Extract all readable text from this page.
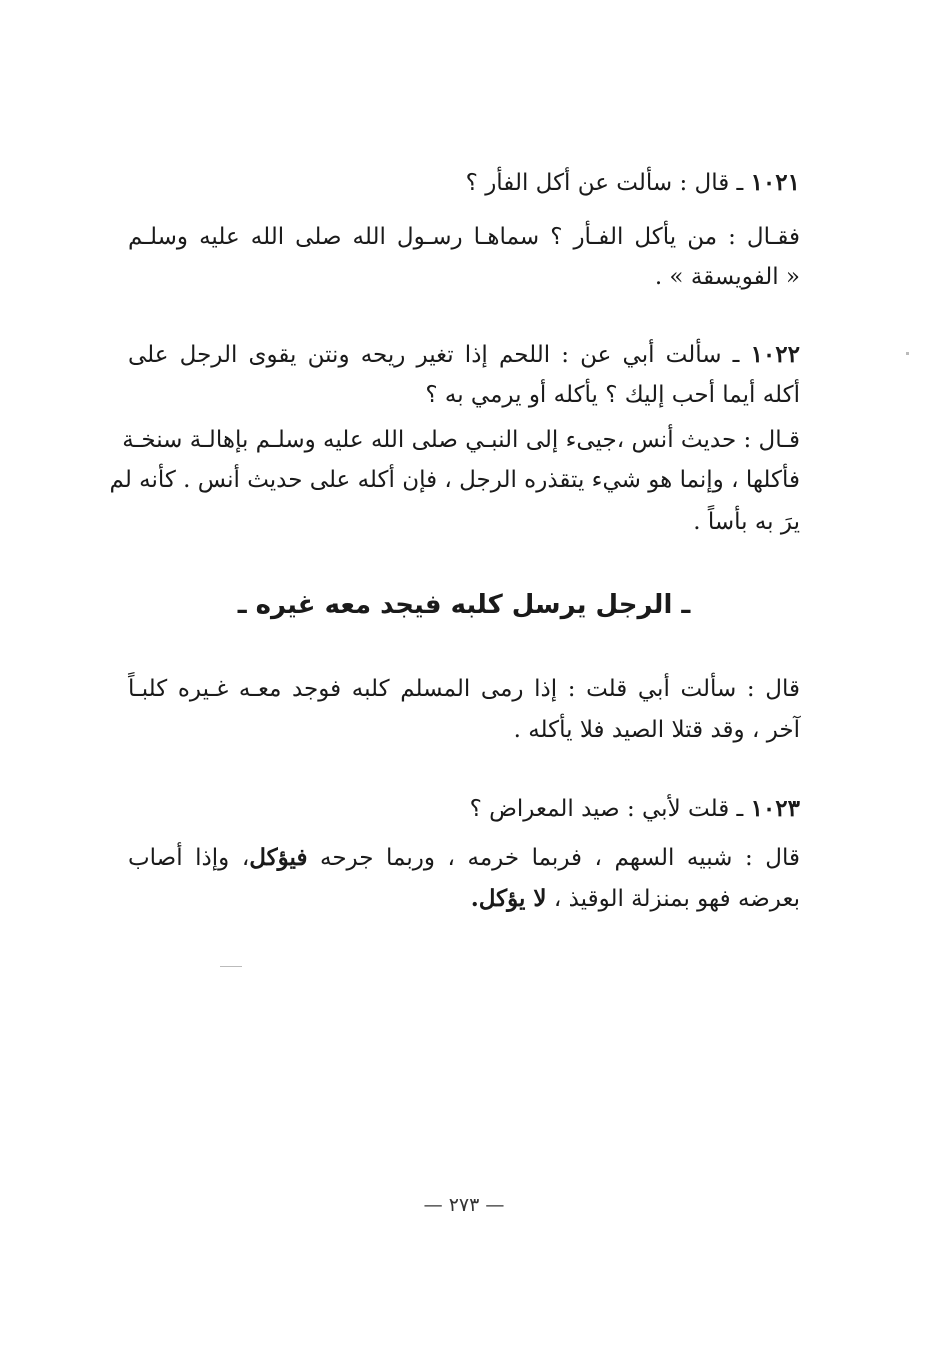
١٠٢١ ـ قال : سألت عن أكل الفأر ؟
فقـال : من يأكل الفـأر ؟ سماهـا رسـول الله صلى الله عليه وسلـم
« الفويسقة » .
١٠٢٢ ـ سألت أبي عن : اللحم إذا تغير ريحه ونتن يقوى الرجل على
أكله أيما أحب إليك ؟ يأكله أو يرمي به ؟
قـال : حديث أنس ،جيىء إلى النبـي صلى الله عليه وسلـم بإهالـة سنخـة
فأكلها ، وإنما هو شيء يتقذره الرجل ، فإن أكله على حديث أنس . كأنه لم
يرَ به بأساً .
ـ الرجل يرسل كلبه فيجد معه غيره ـ
قال : سألت أبي قلت : إذا رمى المسلم كلبه فوجد معـه غـيره كلبـاً
آخر ، وقد قتلا الصيد فلا يأكله .
١٠٢٣ ـ قلت لأبي : صيد المعراض ؟
قال : شبيه السهم ، فربما خرمه ، وربما جرحه فيؤكل، وإذا أصاب
بعرضه فهو بمنزلة الوقيذ ، لا يؤكل.
— ٢٧٣ —
